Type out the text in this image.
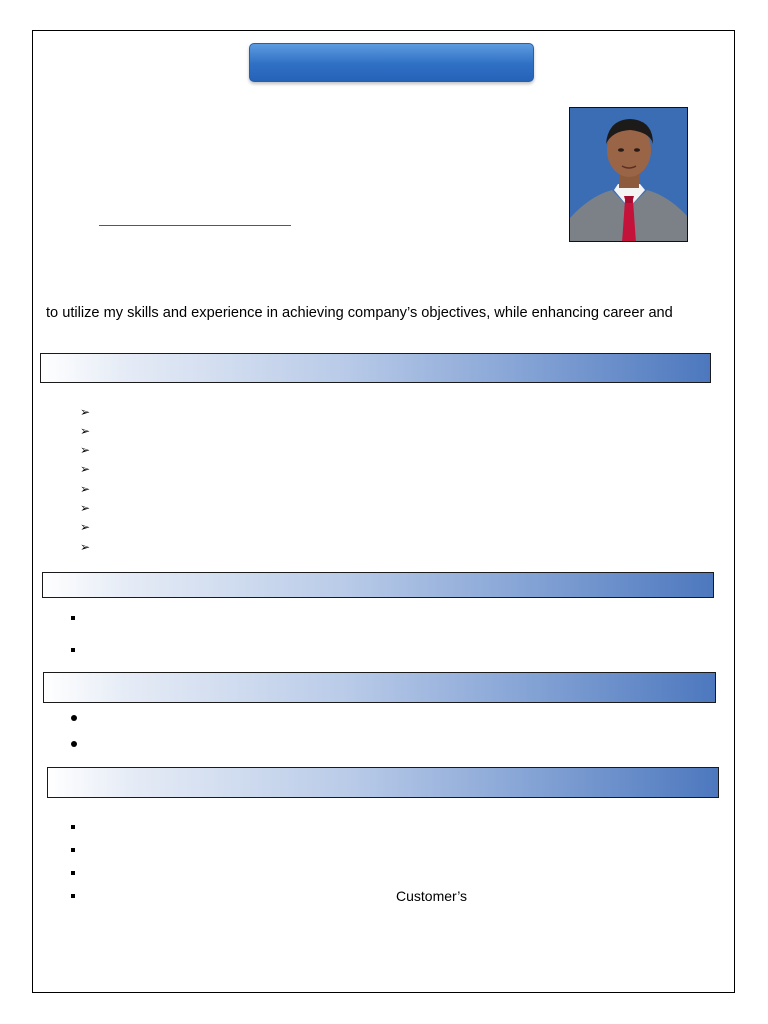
to utilize my skills and experience in achieving company’s objectives, while enhancing career and
➢
➢
➢
➢
➢
➢
➢
➢
Customer’s
